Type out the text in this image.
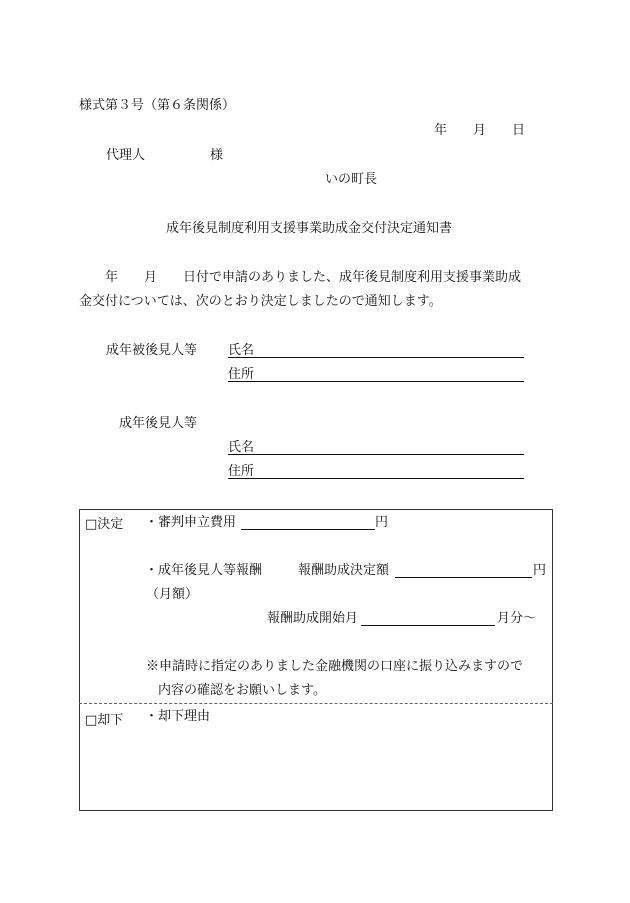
様式第３号（第６条関係）
年　　月　　日
代理人　　　　　様
いの町長
成年後見制度利用支援事業助成金交付決定通知書
　　年　　月　　日付で申請のありました、成年後見制度利用支援事業助成
金交付については、次のとおり決定しましたので通知します。
成年被後見人等 氏名
住所
成年後見人等
氏名
住所
□決定 ・審判申立費用	円
・成年後見人等報酬	報酬助成決定額	円
（月額）
報酬助成開始月	月分～
※申請時に指定のありました金融機関の口座に振り込みますので
内容の確認をお願いします。
□却下 ・却下理由
